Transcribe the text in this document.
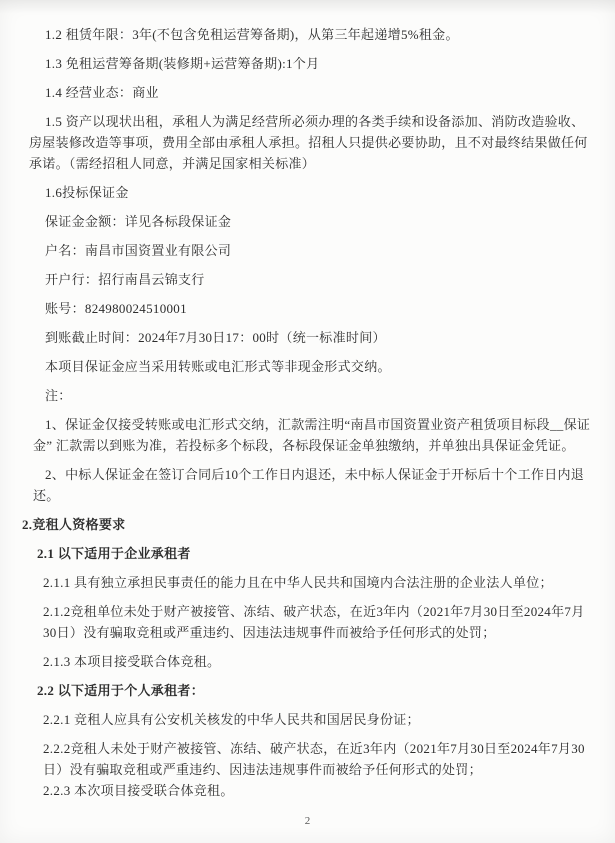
1.2 租赁年限：3年(不包含免租运营筹备期)，从第三年起递增5%租金。

1.3 免租运营筹备期(装修期+运营筹备期):1个月

1.4 经营业态：商业

1.5 资产以现状出租，承租人为满足经营所必须办理的各类手续和设备添加、消防改造验收、房屋装修改造等事项，费用全部由承租人承担。招租人只提供必要协助，且不对最终结果做任何承诺。（需经招租人同意，并满足国家相关标准）

1.6投标保证金

保证金金额：详见各标段保证金

户名：南昌市国资置业有限公司

开户行：招行南昌云锦支行

账号：824980024510001

到账截止时间：2024年7月30日17：00时（统一标准时间）

本项目保证金应当采用转账或电汇形式等非现金形式交纳。

注：

1、保证金仅接受转账或电汇形式交纳，汇款需注明“南昌市国资置业资产租赁项目标段__保证金” 汇款需以到账为准，若投标多个标段，各标段保证金单独缴纳，并单独出具保证金凭证。

2、中标人保证金在签订合同后10个工作日内退还，未中标人保证金于开标后十个工作日内退还。

2.竞租人资格要求

2.1 以下适用于企业承租者

2.1.1 具有独立承担民事责任的能力且在中华人民共和国境内合法注册的企业法人单位；

2.1.2竞租单位未处于财产被接管、冻结、破产状态，在近3年内（2021年7月30日至2024年7月30日）没有骗取竞租或严重违约、因违法违规事件而被给予任何形式的处罚；

2.1.3 本项目接受联合体竞租。

2.2 以下适用于个人承租者：

2.2.1 竞租人应具有公安机关核发的中华人民共和国居民身份证；

2.2.2竞租人未处于财产被接管、冻结、破产状态，在近3年内（2021年7月30日至2024年7月30日）没有骗取竞租或严重违约、因违法违规事件而被给予任何形式的处罚；

2.2.3 本次项目接受联合体竞租。

2
